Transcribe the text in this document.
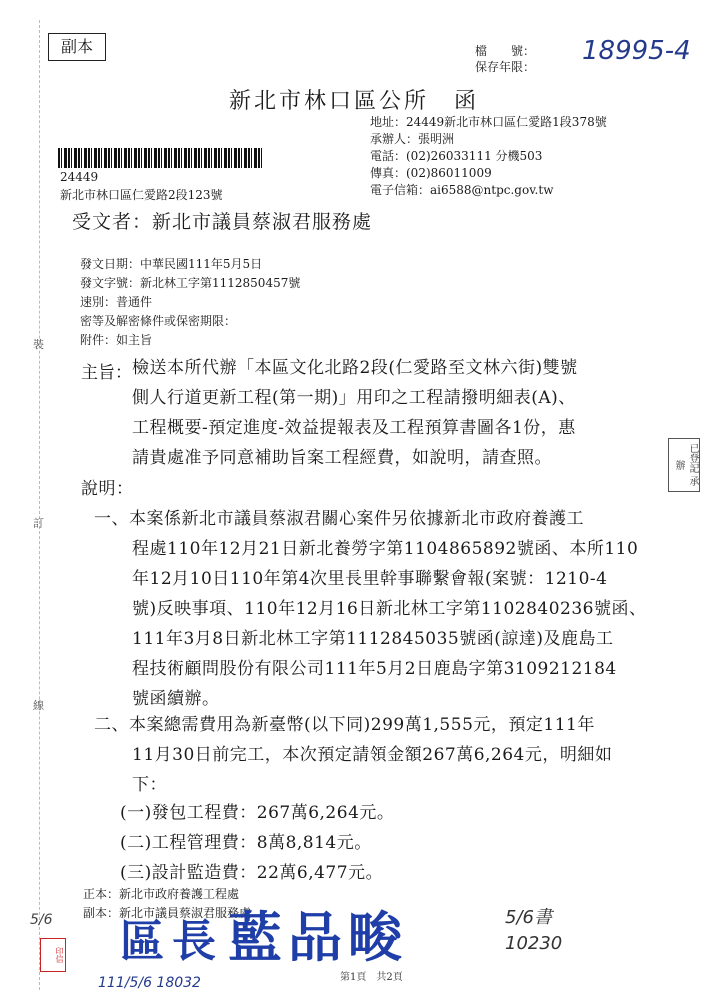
裝
訂
線
副本	檔　　號：
保存年限：
18995-4
新北市林口區公所　函
地址：24449新北市林口區仁愛路1段378號
承辦人：張明洲
電話：(02)26033111 分機503
傳真：(02)86011009
電子信箱：ai6588@ntpc.gov.tw
24449
新北市林口區仁愛路2段123號
受文者：新北市議員蔡淑君服務處
發文日期：中華民國111年5月5日
發文字號：新北林工字第1112850457號
速別：普通件
密等及解密條件或保密期限：
附件：如主旨
已登記 承辦
主旨： 檢送本所代辦「本區文化北路2段(仁愛路至文林六街)雙號
側人行道更新工程(第一期)」用印之工程請撥明細表(A)、
工程概要-預定進度-效益提報表及工程預算書圖各1份，惠
請貴處准予同意補助旨案工程經費，如說明，請查照。
說明：
一、本案係新北市議員蔡淑君關心案件另依據新北市政府養護工
程處110年12月21日新北養勞字第1104865892號函、本所110
年12月10日110年第4次里長里幹事聯繫會報(案號：1210-4
號)反映事項、110年12月16日新北林工字第1102840236號函、
111年3月8日新北林工字第1112845035號函(諒達)及鹿島工
程技術顧問股份有限公司111年5月2日鹿島字第3109212184
號函續辦。
二、本案總需費用為新臺幣(以下同)299萬1,555元，預定111年
11月30日前完工，本次預定請領金額267萬6,264元，明細如
下：
(一)發包工程費：267萬6,264元。
(二)工程管理費：8萬8,814元。
(三)設計監造費：22萬6,477元。
正本：新北市政府養護工程處
副本：新北市議員蔡淑君服務處
印信 區長 藍品畯
111/5/6 18032
5/6	5/6書 10230
第1頁　共2頁
